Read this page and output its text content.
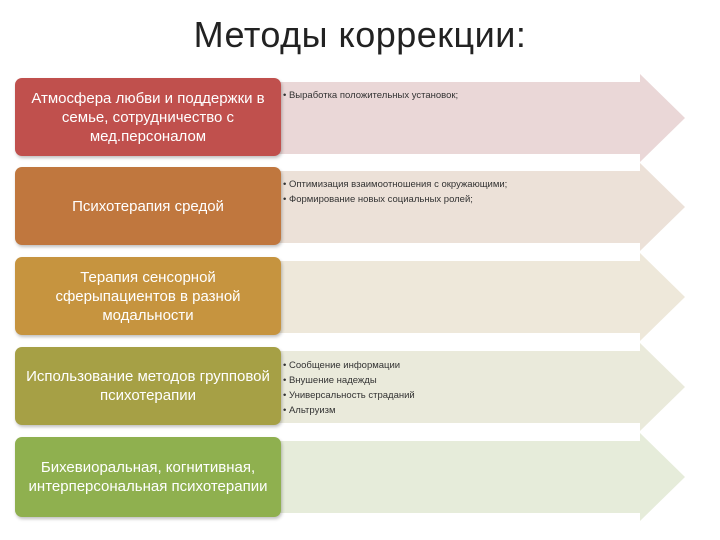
Методы коррекции:
Атмосфера любви и поддержки в семье, сотрудничество с мед.персоналом
• Выработка положительных установок;
Психотерапия средой
• Оптимизация взаимоотношения с окружающими;
• Формирование новых социальных ролей;
Терапия сенсорной сферыпациентов в разной модальности
Использование методов групповой психотерапии
• Сообщение информации
• Внушение надежды
• Универсальность страданий
• Альтруизм
Бихевиоральная, когнитивная, интерперсональная психотерапии
